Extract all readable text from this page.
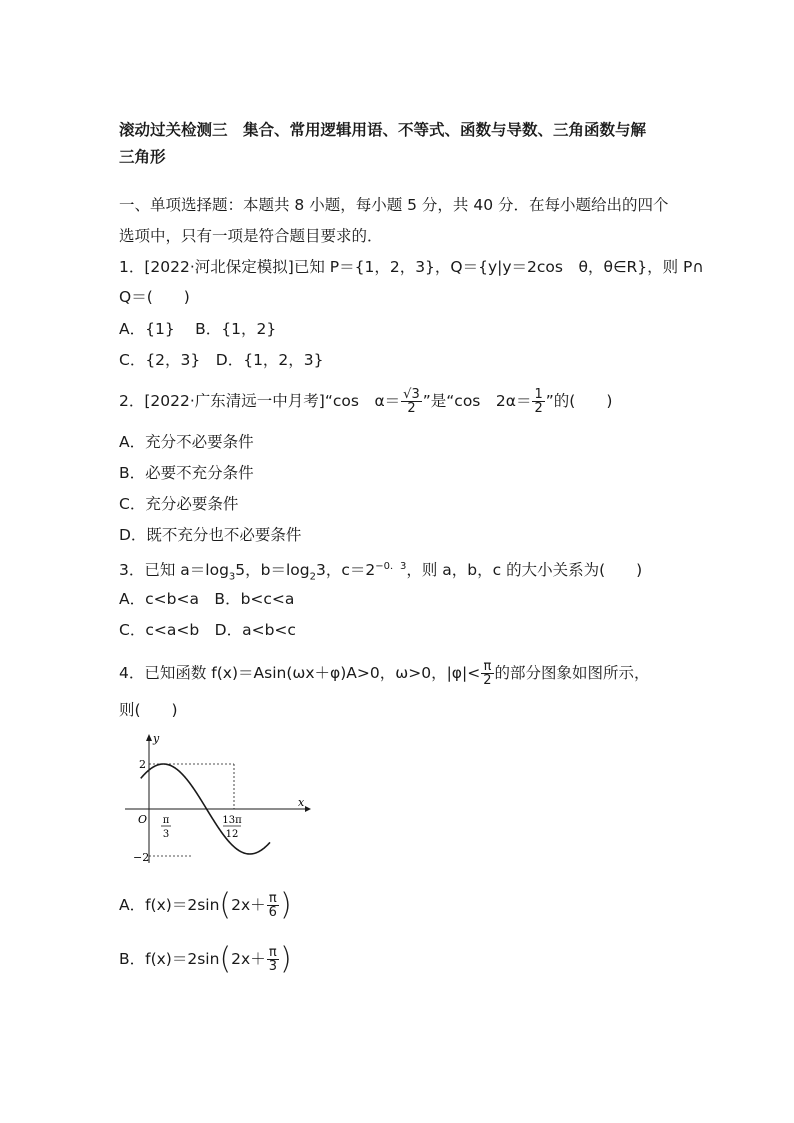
滚动过关检测三　集合、常用逻辑用语、不等式、函数与导数、三角函数与解
三角形
一、单项选择题：本题共 8 小题，每小题 5 分，共 40 分．在每小题给出的四个
选项中，只有一项是符合题目要求的．
1．[2022·河北保定模拟]已知 P＝{1，2，3}，Q＝{y|y＝2cos　θ，θ∈R}，则 P∩
Q＝(　　)
A．{1}　 B．{1，2}
C．{2，3}　D．{1，2，3}
2．[2022·广东清远一中月考]“cos　$\alpha= \frac{√3}{2}$ ”是“cos　$2\alpha= \frac{1}{2}$ ”的(　　)
A．充分不必要条件
B．必要不充分条件
C．充分必要条件
D．既不充分也不必要条件
3．已知 $a=\log_35$，$b=\log_23$，$c=2^{-0.3}$，则 a，b，c 的大小关系为(　　)
A．c<b<a　B．b<c<a
C．c<a<b　D．a<b<c
4．已知函数 f(x)＝Asin(ωx＋φ)A>0，ω>0，$|\varphi|< \frac{\pi}{2}$ 的部分图象如图所示，
则(　　)
y
x
O
2
−2
π
3
13π
12
A．$f(x)=2\sin(2x+ \frac{\pi}{6}$ )
B．$f(x)=2\sin(2x+ \frac{\pi}{3}$ )
